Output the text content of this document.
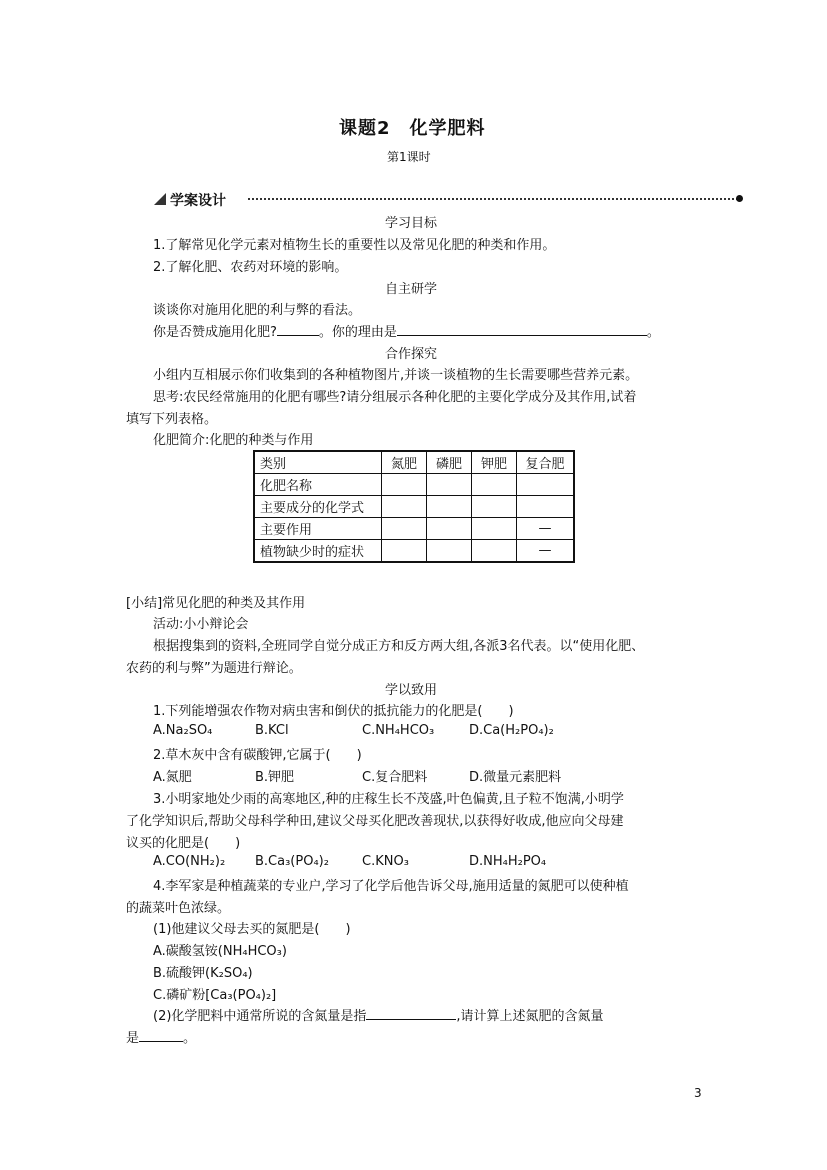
课题2　化学肥料
第1课时
学案设计
学习目标
1.了解常见化学元素对植物生长的重要性以及常见化肥的种类和作用。
2.了解化肥、农药对环境的影响。
自主研学
谈谈你对施用化肥的利与弊的看法。
你是否赞成施用化肥?	。你的理由是	。
合作探究
小组内互相展示你们收集到的各种植物图片,并谈一谈植物的生长需要哪些营养元素。
思考:农民经常施用的化肥有哪些?请分组展示各种化肥的主要化学成分及其作用,试着
填写下列表格。
化肥简介:化肥的种类与作用
类别	氮肥	磷肥	钾肥	复合肥
化肥名称				
主要成分的化学式				
主要作用				—
植物缺少时的症状				—
[小结]常见化肥的种类及其作用
活动:小小辩论会
根据搜集到的资料,全班同学自觉分成正方和反方两大组,各派3名代表。以“使用化肥、
农药的利与弊”为题进行辩论。
学以致用
1.下列能增强农作物对病虫害和倒伏的抵抗能力的化肥是(　　)
A.Na₂SO₄	B.KCl	C.NH₄HCO₃	D.Ca(H₂PO₄)₂
2.草木灰中含有碳酸钾,它属于(　　)
A.氮肥	B.钾肥	C.复合肥料	D.微量元素肥料
3.小明家地处少雨的高寒地区,种的庄稼生长不茂盛,叶色偏黄,且子粒不饱满,小明学
了化学知识后,帮助父母科学种田,建议父母买化肥改善现状,以获得好收成,他应向父母建
议买的化肥是(　　)
A.CO(NH₂)₂ B.Ca₃(PO₄)₂	C.KNO₃	D.NH₄H₂PO₄
4.李军家是种植蔬菜的专业户,学习了化学后他告诉父母,施用适量的氮肥可以使种植
的蔬菜叶色浓绿。
(1)他建议父母去买的氮肥是(　　)
A.碳酸氢铵(NH₄HCO₃)
B.硫酸钾(K₂SO₄)
C.磷矿粉[Ca₃(PO₄)₂]
(2)化学肥料中通常所说的含氮量是指	,请计算上述氮肥的含氮量
是	。
3
